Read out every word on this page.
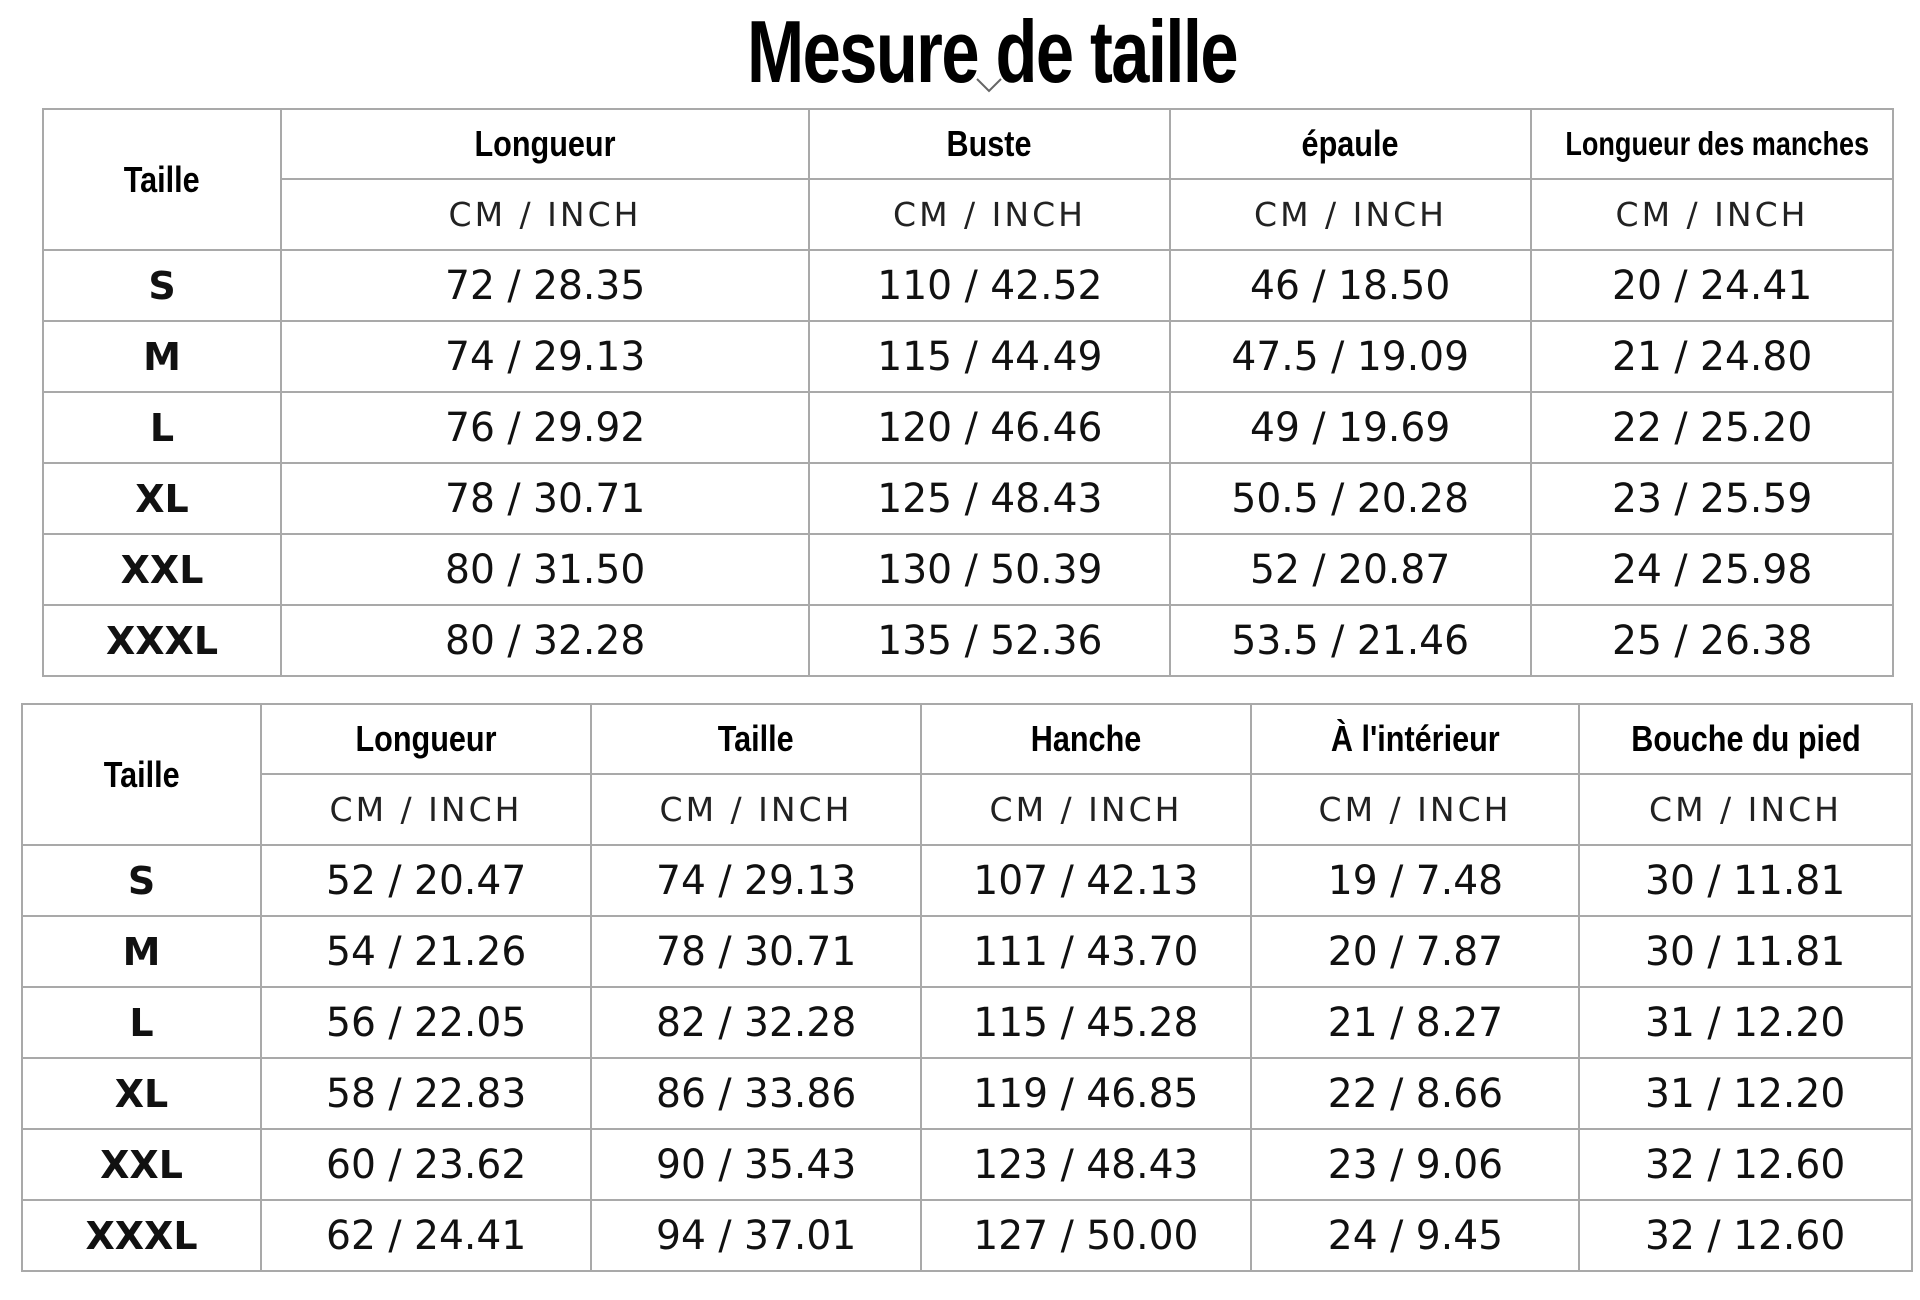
Mesure de taille
Taille	Longueur	Buste	épaule	Longueur des manches
	CM / INCH	CM / INCH	CM / INCH	CM / INCH
S	72 / 28.35	110 / 42.52	46 / 18.50	20 / 24.41
M	74 / 29.13	115 / 44.49	47.5 / 19.09	21 / 24.80
L	76 / 29.92	120 / 46.46	49 / 19.69	22 / 25.20
XL	78 / 30.71	125 / 48.43	50.5 / 20.28	23 / 25.59
XXL	80 / 31.50	130 / 50.39	52 / 20.87	24 / 25.98
XXXL	80 / 32.28	135 / 52.36	53.5 / 21.46	25 / 26.38
Taille	Longueur	Taille	Hanche	À l'intérieur	Bouche du pied
	CM / INCH	CM / INCH	CM / INCH	CM / INCH	CM / INCH
S	52 / 20.47	74 / 29.13	107 / 42.13	19 / 7.48	30 / 11.81
M	54 / 21.26	78 / 30.71	111 / 43.70	20 / 7.87	30 / 11.81
L	56 / 22.05	82 / 32.28	115 / 45.28	21 / 8.27	31 / 12.20
XL	58 / 22.83	86 / 33.86	119 / 46.85	22 / 8.66	31 / 12.20
XXL	60 / 23.62	90 / 35.43	123 / 48.43	23 / 9.06	32 / 12.60
XXXL	62 / 24.41	94 / 37.01	127 / 50.00	24 / 9.45	32 / 12.60
